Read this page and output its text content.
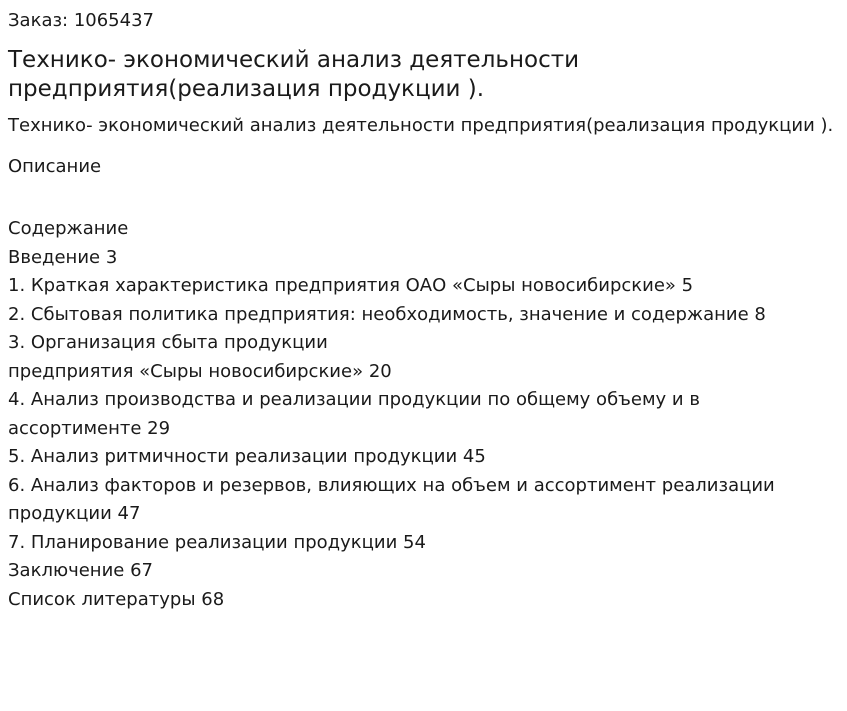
Заказ: 1065437
Технико- экономический анализ деятельности предприятия(реализация продукции ).
Технико- экономический анализ деятельности предприятия(реализация продукции ).
Описание
Содержание
Введение 3
1. Краткая характеристика предприятия ОАО «Сыры новосибирские» 5
2. Сбытовая политика предприятия: необходимость, значение и содержание 8
3. Организация сбыта продукции
предприятия «Сыры новосибирские» 20
4. Анализ производства и реализации продукции по общему объему и в ассортименте 29
5. Анализ ритмичности реализации продукции 45
6. Анализ факторов и резервов, влияющих на объем и ассортимент реализации продукции 47
7. Планирование реализации продукции 54
Заключение 67
Список литературы 68
